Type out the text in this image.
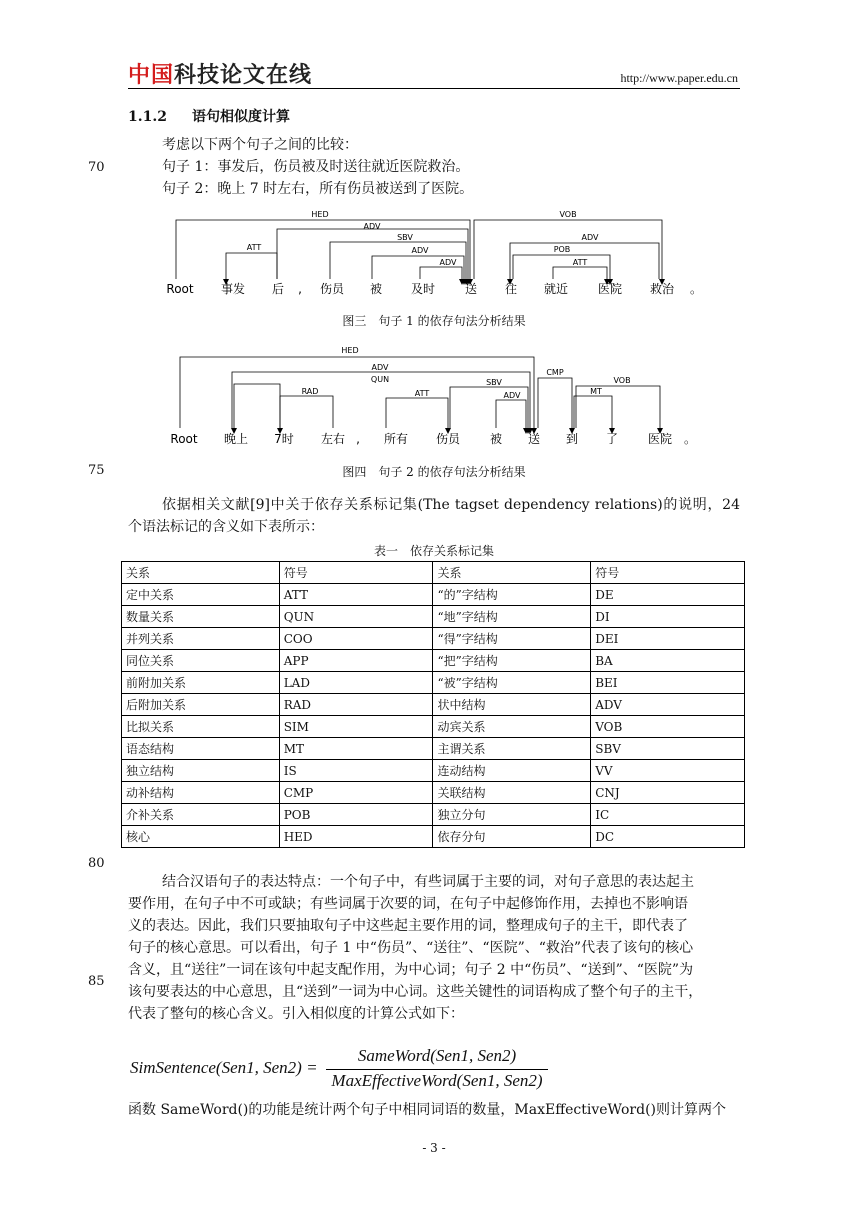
中国科技论文在线	http://www.paper.edu.cn
1.1.2 语句相似度计算
考虑以下两个句子之间的比较：
70	句子 1：事发后，伤员被及时送往就近医院救治。
句子 2：晚上 7 时左右，所有伤员被送到了医院。
HED
ATT
ADV
SBV
ADV
ADV
VOB
ADV
POB
ATT
Root 事发 后 , 伤员 被 及时 送 往 就近 医院 救治 。
图三　句子 1 的依存句法分析结果
HED
ADV
QUN
RAD	ATT
SBV
ADV
CMP
MT
VOB
Root 晚上 7时 左右 , 所有 伤员 被 送 到 了 医院 。
75	图四　句子 2 的依存句法分析结果
依据相关文献[9]中关于依存关系标记集(The tagset dependency relations)的说明，24 个语法标记的含义如下表所示：
表一　依存关系标记集
关系	符号	关系	符号
定中关系	ATT	“的”字结构	DE
数量关系	QUN	“地”字结构	DI
并列关系	COO	“得”字结构	DEI
同位关系	APP	“把”字结构	BA
前附加关系	LAD	“被”字结构	BEI
后附加关系	RAD	状中结构	ADV
比拟关系	SIM	动宾关系	VOB
语态结构	MT	主谓关系	SBV
独立结构	IS	连动结构	VV
动补结构	CMP	关联结构	CNJ
介补关系	POB	独立分句	IC
核心	HED	依存分句	DC
80
结合汉语句子的表达特点：一个句子中，有些词属于主要的词，对句子意思的表达起主
要作用，在句子中不可或缺；有些词属于次要的词，在句子中起修饰作用，去掉也不影响语
义的表达。因此，我们只要抽取句子中这些起主要作用的词，整理成句子的主干，即代表了
句子的核心意思。可以看出，句子 1 中“伤员”、“送往”、“医院”、“救治”代表了该句的核心
含义，且“送往”一词在该句中起支配作用，为中心词；句子 2 中“伤员”、“送到”、“医院”为
该句要表达的中心意思，且“送到”一词为中心词。这些关键性的词语构成了整个句子的主干，
代表了整句的核心含义。引入相似度的计算公式如下：
85
SimSentence(Sen1, Sen2) =
SameWord(Sen1, Sen2)
MaxEffectiveWord(Sen1, Sen2)
函数 SameWord()的功能是统计两个句子中相同词语的数量，MaxEffectiveWord()则计算两个
- 3 -
